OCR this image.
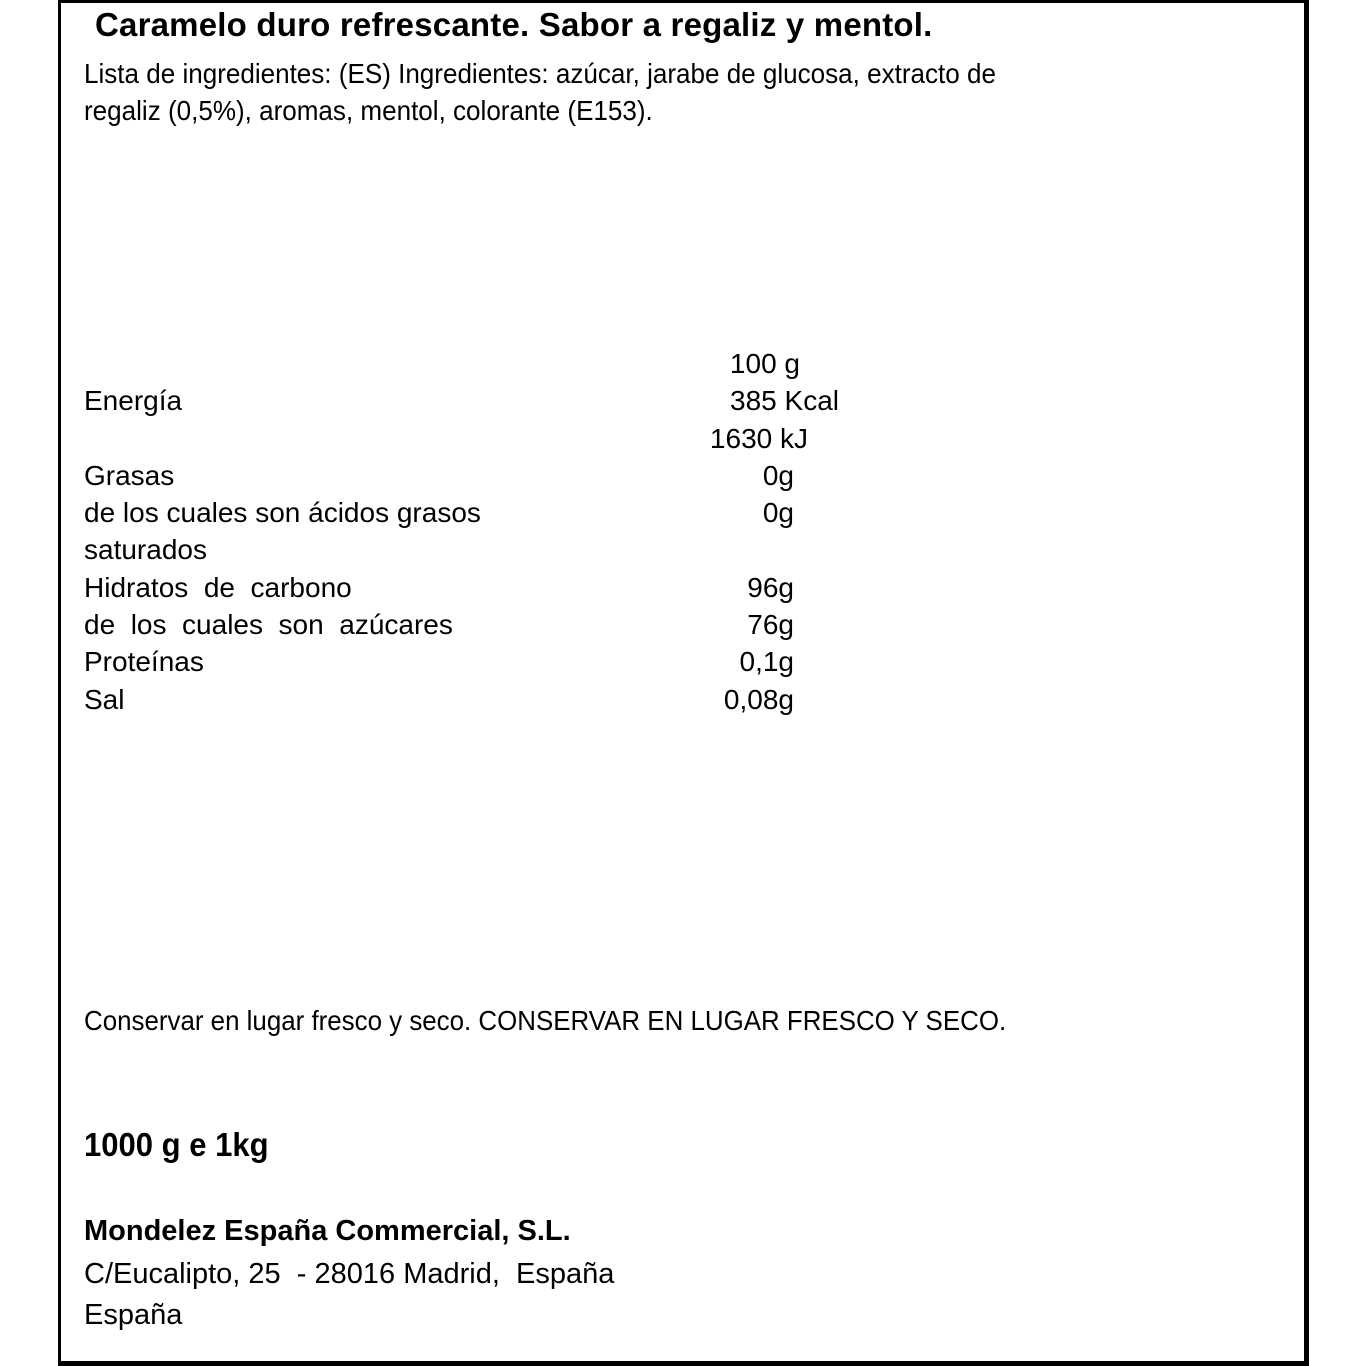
Caramelo duro refrescante. Sabor a regaliz y mentol.
Lista de ingredientes: (ES) Ingredientes: azúcar, jarabe de glucosa, extracto de
regaliz (0,5%), aromas, mentol, colorante (E153).
100 g
Energía	385 Kcal
1630 kJ
Grasas	0g
de los cuales son ácidos grasos	0g
saturados
Hidratos  de  carbono	96g
de  los  cuales  son  azúcares	76g
Proteínas	0,1g
Sal	0,08g
Conservar en lugar fresco y seco. CONSERVAR EN LUGAR FRESCO Y SECO.
1000 g e 1kg
Mondelez España Commercial, S.L.
C/Eucalipto, 25  - 28016 Madrid,  España
España
